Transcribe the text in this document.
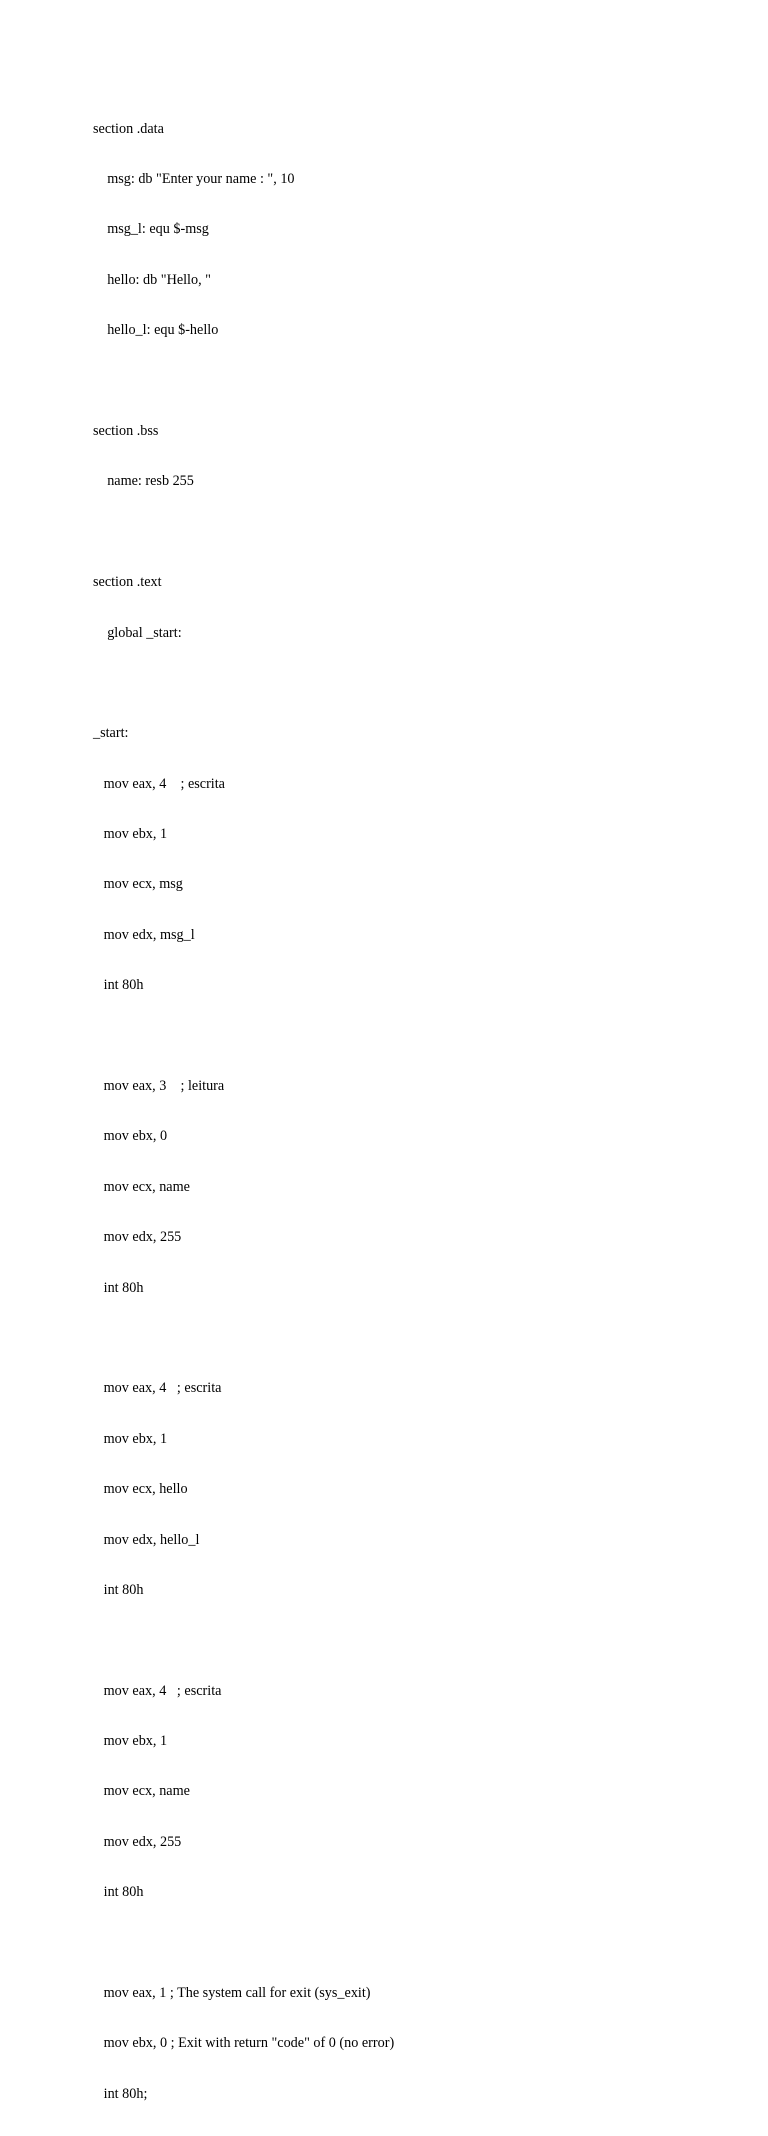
section .data

msg: db "Enter your name : ", 10

msg_l: equ $-msg

hello: db "Hello, "

hello_l: equ $-hello

section .bss

name: resb 255

section .text

global _start:

_start:

mov eax, 4    ; escrita

mov ebx, 1

mov ecx, msg

mov edx, msg_l

int 80h

mov eax, 3    ; leitura

mov ebx, 0

mov ecx, name

mov edx, 255

int 80h

mov eax, 4   ; escrita

mov ebx, 1

mov ecx, hello

mov edx, hello_l

int 80h

mov eax, 4   ; escrita

mov ebx, 1

mov ecx, name

mov edx, 255

int 80h

mov eax, 1 ; The system call for exit (sys_exit)

mov ebx, 0 ; Exit with return "code" of 0 (no error)

int 80h;
